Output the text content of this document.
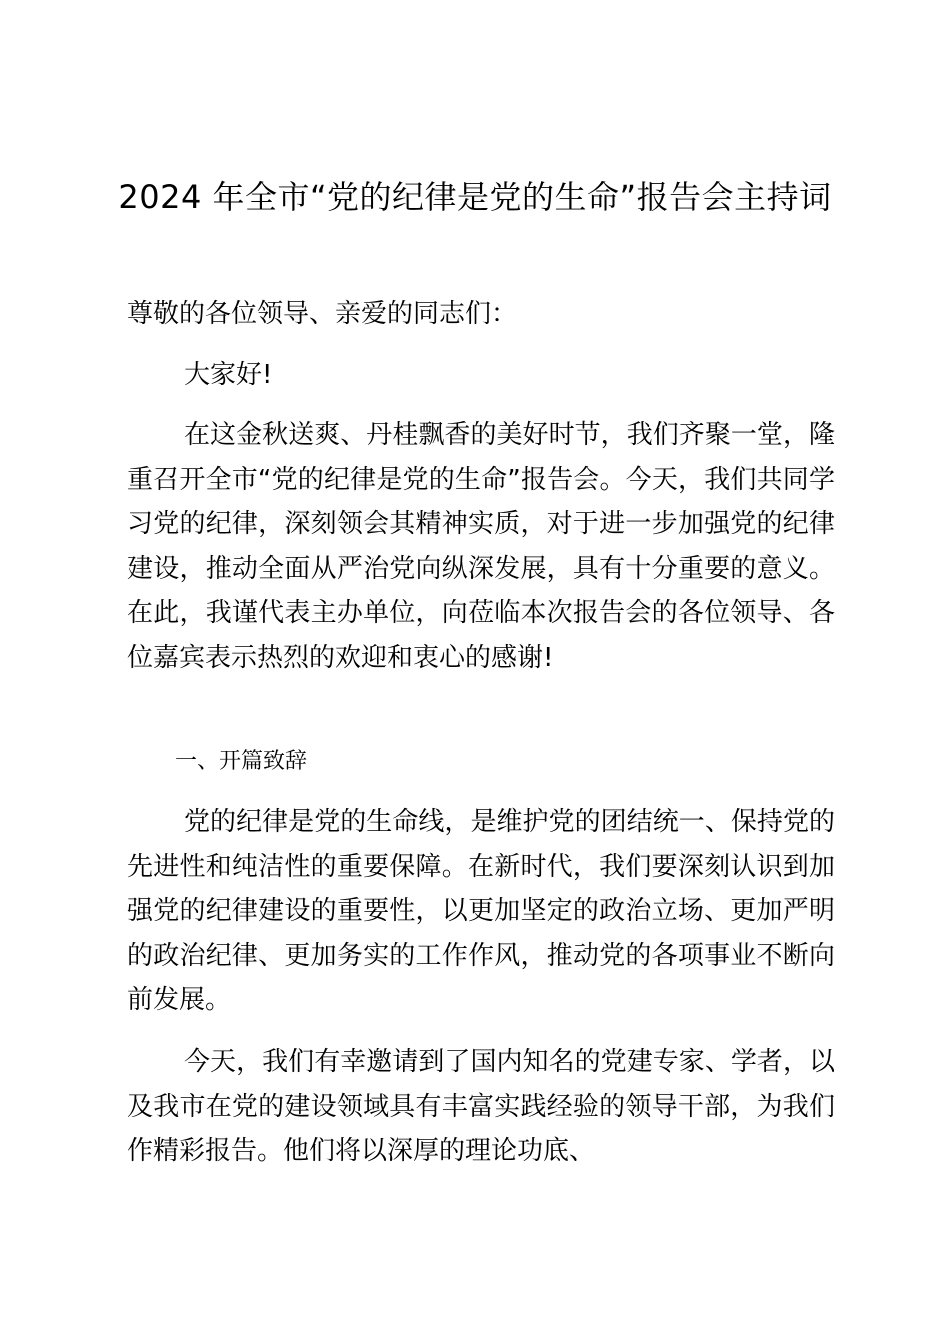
2024 年全市“党的纪律是党的生命”报告会主持词
尊敬的各位领导、亲爱的同志们：
大家好!
在这金秋送爽、丹桂飘香的美好时节，我们齐聚一堂，隆重召开全市“党的纪律是党的生命”报告会。今天，我们共同学习党的纪律，深刻领会其精神实质，对于进一步加强党的纪律建设，推动全面从严治党向纵深发展，具有十分重要的意义。在此，我谨代表主办单位，向莅临本次报告会的各位领导、各位嘉宾表示热烈的欢迎和衷心的感谢!
一、开篇致辞
党的纪律是党的生命线，是维护党的团结统一、保持党的先进性和纯洁性的重要保障。在新时代，我们要深刻认识到加强党的纪律建设的重要性，以更加坚定的政治立场、更加严明的政治纪律、更加务实的工作作风，推动党的各项事业不断向前发展。
今天，我们有幸邀请到了国内知名的党建专家、学者，以及我市在党的建设领域具有丰富实践经验的领导干部，为我们作精彩报告。他们将以深厚的理论功底、
